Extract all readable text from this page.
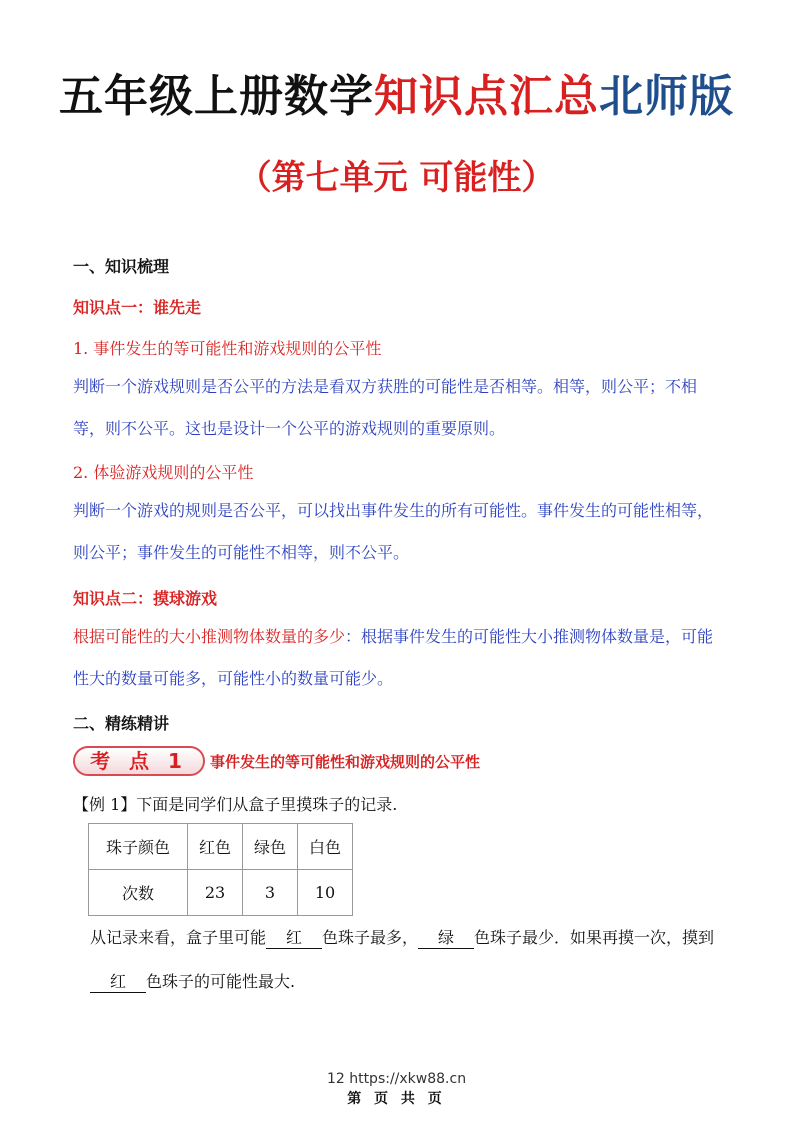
五年级上册数学知识点汇总北师版
（第七单元 可能性）
一、知识梳理
知识点一：谁先走
1. 事件发生的等可能性和游戏规则的公平性
判断一个游戏规则是否公平的方法是看双方获胜的可能性是否相等。相等，则公平；不相等，则不公平。这也是设计一个公平的游戏规则的重要原则。
2. 体验游戏规则的公平性
判断一个游戏的规则是否公平，可以找出事件发生的所有可能性。事件发生的可能性相等，则公平；事件发生的可能性不相等，则不公平。
知识点二：摸球游戏
根据可能性的大小推测物体数量的多少：根据事件发生的可能性大小推测物体数量是，可能性大的数量可能多，可能性小的数量可能少。
二、精练精讲
考 点 1	事件发生的等可能性和游戏规则的公平性
【例 1】下面是同学们从盒子里摸珠子的记录.
珠子颜色	红色	绿色	白色
次数	23	3	10
从记录来看，盒子里可能 红 色珠子最多， 绿 色珠子最少．如果再摸一次，摸到红 色珠子的可能性最大.
12 https://xkw88.cn
第 页 共 页
